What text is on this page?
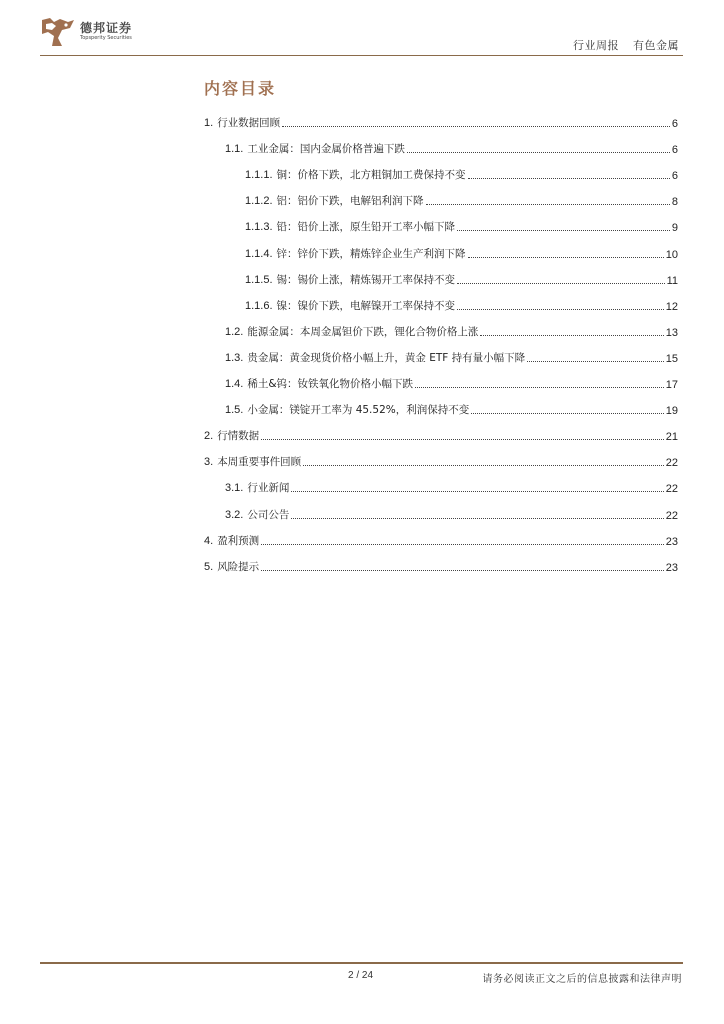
德邦证券
Topsperity Securities
行业周报 有色金属
内容目录
1. 行业数据回顾	6
1.1. 工业金属：国内金属价格普遍下跌	6
1.1.1. 铜：价格下跌，北方粗铜加工费保持不变	6
1.1.2. 铝：铝价下跌，电解铝利润下降	8
1.1.3. 铅：铅价上涨，原生铅开工率小幅下降	9
1.1.4. 锌：锌价下跌，精炼锌企业生产利润下降	10
1.1.5. 锡：锡价上涨，精炼锡开工率保持不变	11
1.1.6. 镍：镍价下跌，电解镍开工率保持不变	12
1.2. 能源金属：本周金属钽价下跌，锂化合物价格上涨	13
1.3. 贵金属：黄金现货价格小幅上升，黄金 ETF 持有量小幅下降	15
1.4. 稀土&钨：钕铁氧化物价格小幅下跌	17
1.5. 小金属：镁锭开工率为 45.52%，利润保持不变	19
2. 行情数据	21
3. 本周重要事件回顾	22
3.1. 行业新闻	22
3.2. 公司公告	22
4. 盈利预测	23
5. 风险提示	23
2 / 24	请务必阅读正文之后的信息披露和法律声明
